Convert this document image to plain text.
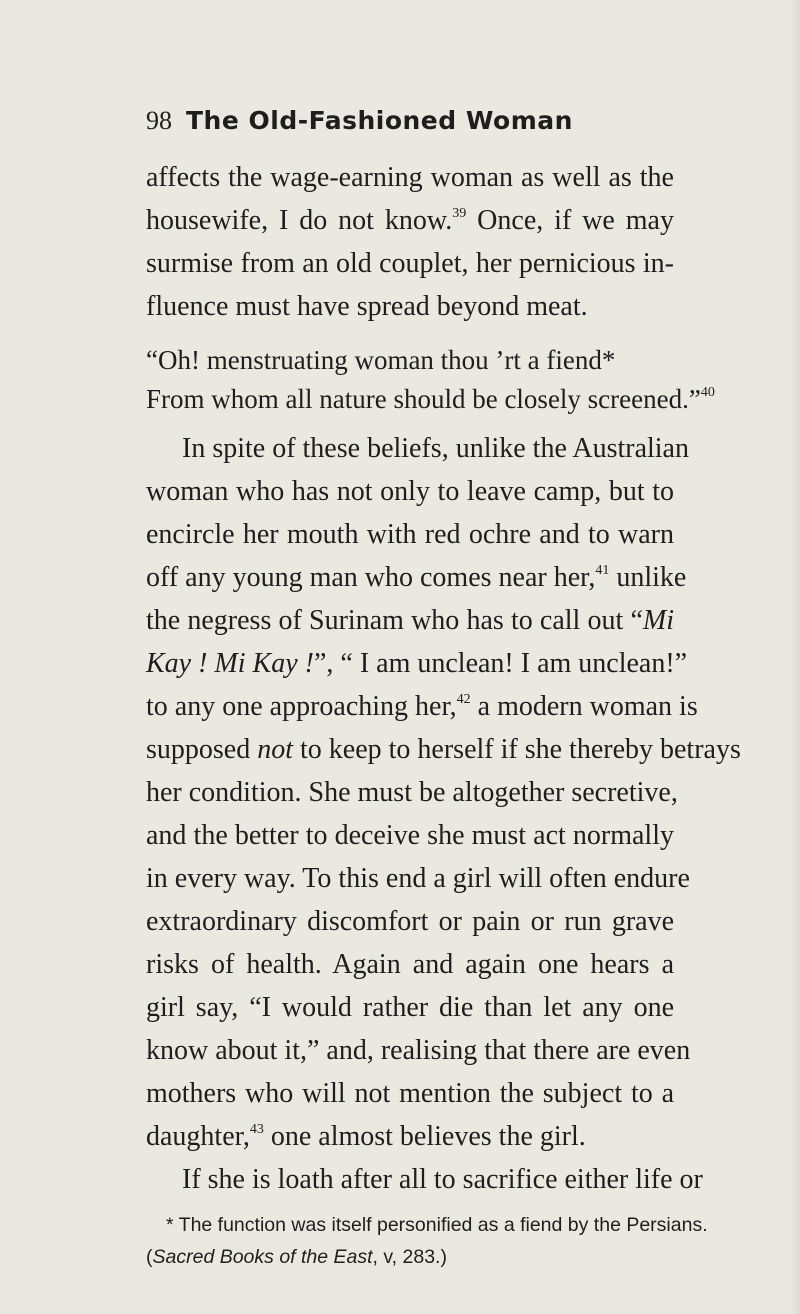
98 The Old-Fashioned Woman
affects the wage-earning woman as well as the
housewife, I do not know.$^{39}$ Once, if we may
surmise from an old couplet, her pernicious in-
fluence must have spread beyond meat.
“Oh! menstruating woman thou ’rt a fiend*
From whom all nature should be closely screened.”$^{40}$
In spite of these beliefs, unlike the Australian
woman who has not only to leave camp, but to
encircle her mouth with red ochre and to warn
off any young man who comes near her,$^{41}$ unlike
the negress of Surinam who has to call out “Mi
Kay ! Mi Kay !”, “ I am unclean! I am unclean!”
to any one approaching her,$^{42}$ a modern woman is
supposed not to keep to herself if she thereby betrays
her condition. She must be altogether secretive,
and the better to deceive she must act normally
in every way. To this end a girl will often endure
extraordinary discomfort or pain or run grave
risks of health. Again and again one hears a
girl say, “I would rather die than let any one
know about it,” and, realising that there are even
mothers who will not mention the subject to a
daughter,$^{43}$ one almost believes the girl.
If she is loath after all to sacrifice either life or
* The function was itself personified as a fiend by the Persians.
(Sacred Books of the East, v, 283.)
